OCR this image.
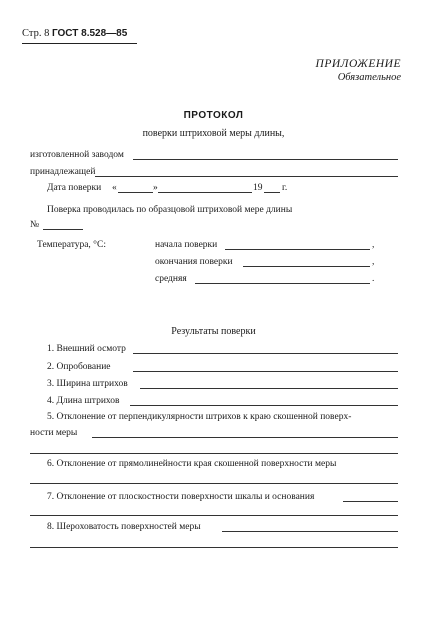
Стр. 8 ГОСТ 8.528—85
ПРИЛОЖЕНИЕ
Обязательное
ПРОТОКОЛ
поверки штриховой меры длины,
изготовленной заводом
принадлежащей
Дата поверки «	»	19 г.
Поверка проводилась по образцовой штриховой мере длины
№
Температура, °С:	начала поверки	,
окончания поверки	,
средняя	.
Результаты поверки
1. Внешний осмотр
2. Опробование
3. Ширина штрихов
4. Длина штрихов
5. Отклонение от перпендикулярности штрихов к краю скошенной поверх-
ности меры
6. Отклонение от прямолинейности края скошенной поверхности меры
7. Отклонение от плоскостности поверхности шкалы и основания
8. Шероховатость поверхностей меры
